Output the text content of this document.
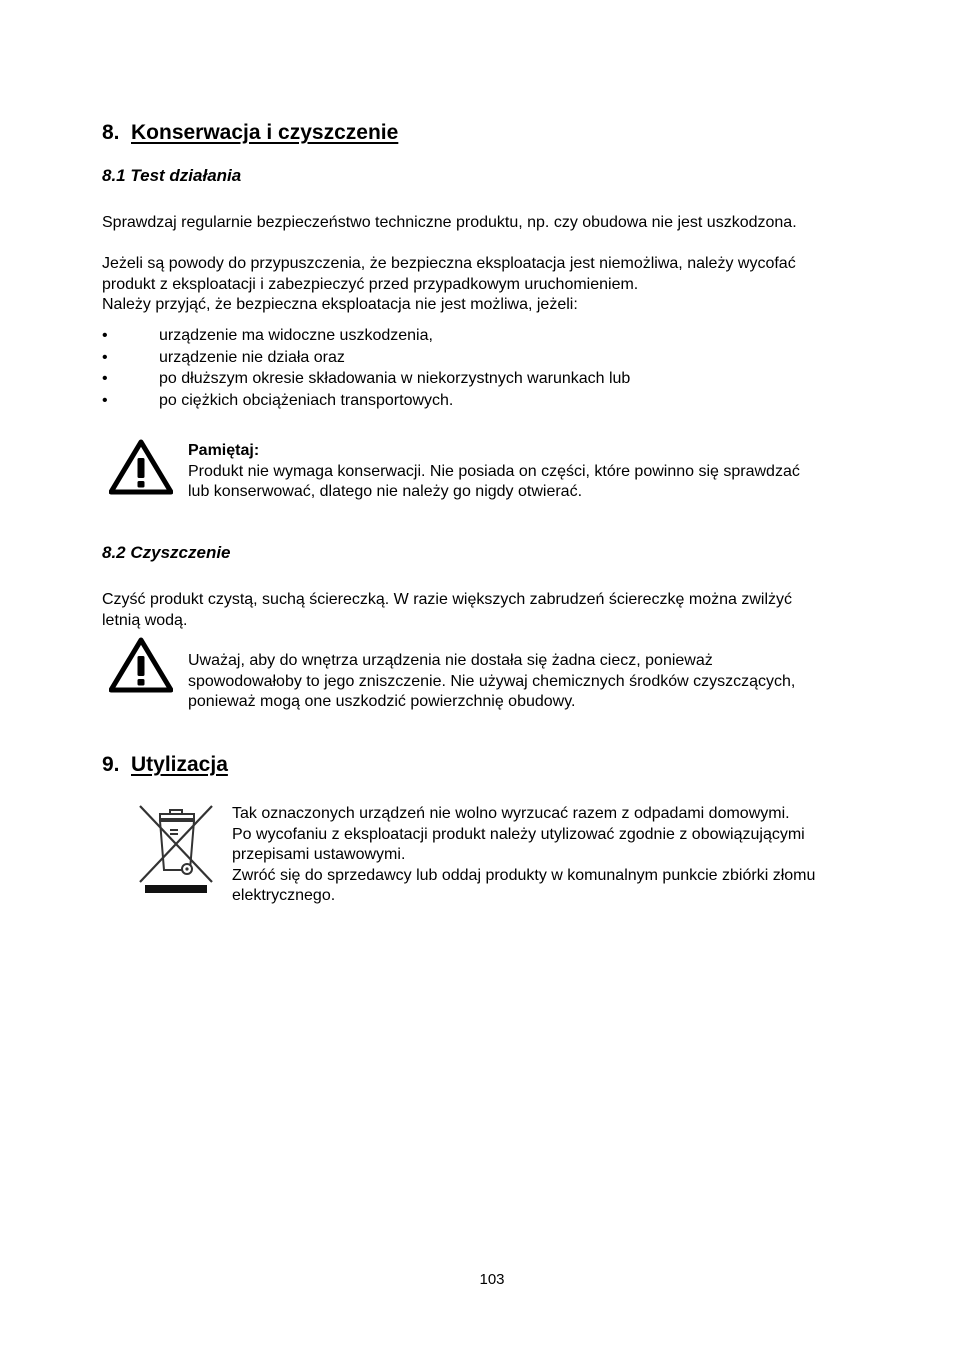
8. Konserwacja i czyszczenie
8.1 Test działania

Sprawdzaj regularnie bezpieczeństwo techniczne produktu, np. czy obudowa nie jest uszkodzona.

Jeżeli są powody do przypuszczenia, że bezpieczna eksploatacja jest niemożliwa, należy wycofać

produkt z eksploatacji i zabezpieczyć przed przypadkowym uruchomieniem.

Należy przyjąć, że bezpieczna eksploatacja nie jest możliwa, jeżeli:

•	urządzenie ma widoczne uszkodzenia,
•	urządzenie nie działa oraz
•	po dłuższym okresie składowania w niekorzystnych warunkach lub
•	po ciężkich obciążeniach transportowych.

Pamiętaj:

Produkt nie wymaga konserwacji. Nie posiada on części, które powinno się sprawdzać

lub konserwować, dlatego nie należy go nigdy otwierać.

8.2 Czyszczenie

Czyść produkt czystą, suchą ściereczką. W razie większych zabrudzeń ściereczkę można zwilżyć

letnią wodą.

Uważaj, aby do wnętrza urządzenia nie dostała się żadna ciecz, ponieważ

spowodowałoby to jego zniszczenie. Nie używaj chemicznych środków czyszczących,

ponieważ mogą one uszkodzić powierzchnię obudowy.

9. Utylizacja

Tak oznaczonych urządzeń nie wolno wyrzucać razem z odpadami domowymi.

Po wycofaniu z eksploatacji produkt należy utylizować zgodnie z obowiązującymi

przepisami ustawowymi.

Zwróć się do sprzedawcy lub oddaj produkty w komunalnym punkcie zbiórki złomu

elektrycznego.

103
